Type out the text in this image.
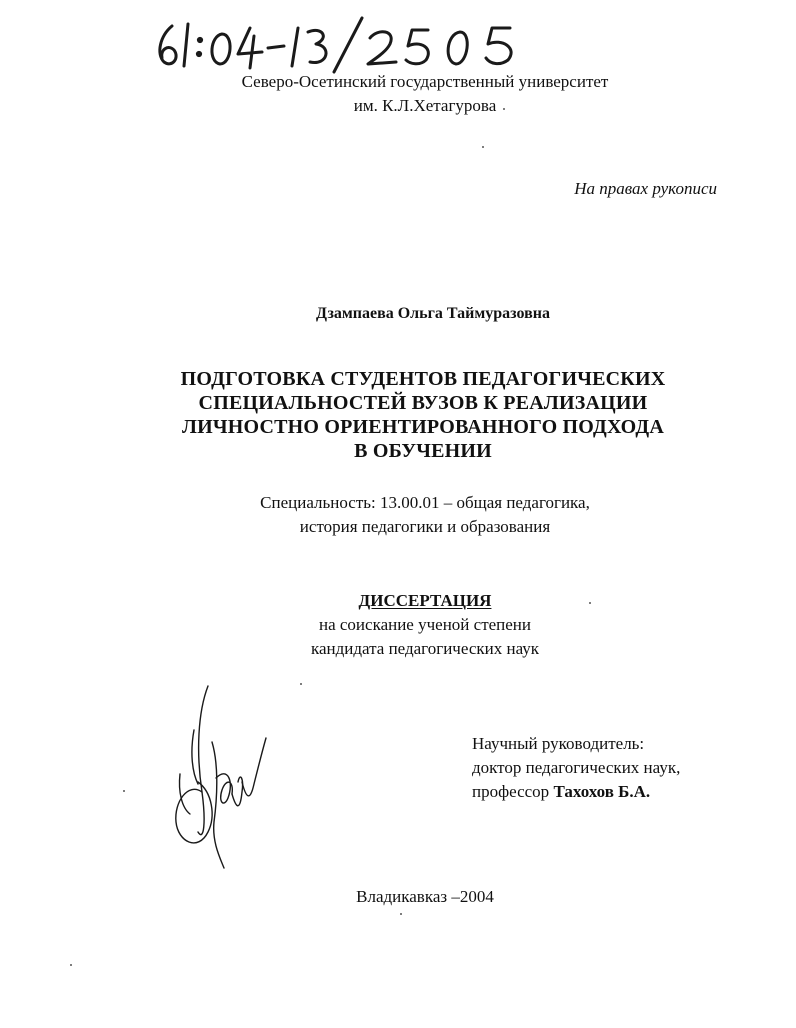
Северо-Осетинский государственный университет
им. К.Л.Хетагурова
На правах рукописи
Дзампаева Ольга Таймуразовна
ПОДГОТОВКА СТУДЕНТОВ ПЕДАГОГИЧЕСКИХ
СПЕЦИАЛЬНОСТЕЙ ВУЗОВ К РЕАЛИЗАЦИИ
ЛИЧНОСТНО ОРИЕНТИРОВАННОГО ПОДХОДА
В ОБУЧЕНИИ
Специальность: 13.00.01 – общая педагогика,
история педагогики и образования
ДИССЕРТАЦИЯ
на соискание ученой степени
кандидата педагогических наук
Научный руководитель:
доктор педагогических наук,
профессор Тахохов Б.А.
Владикавказ –2004
